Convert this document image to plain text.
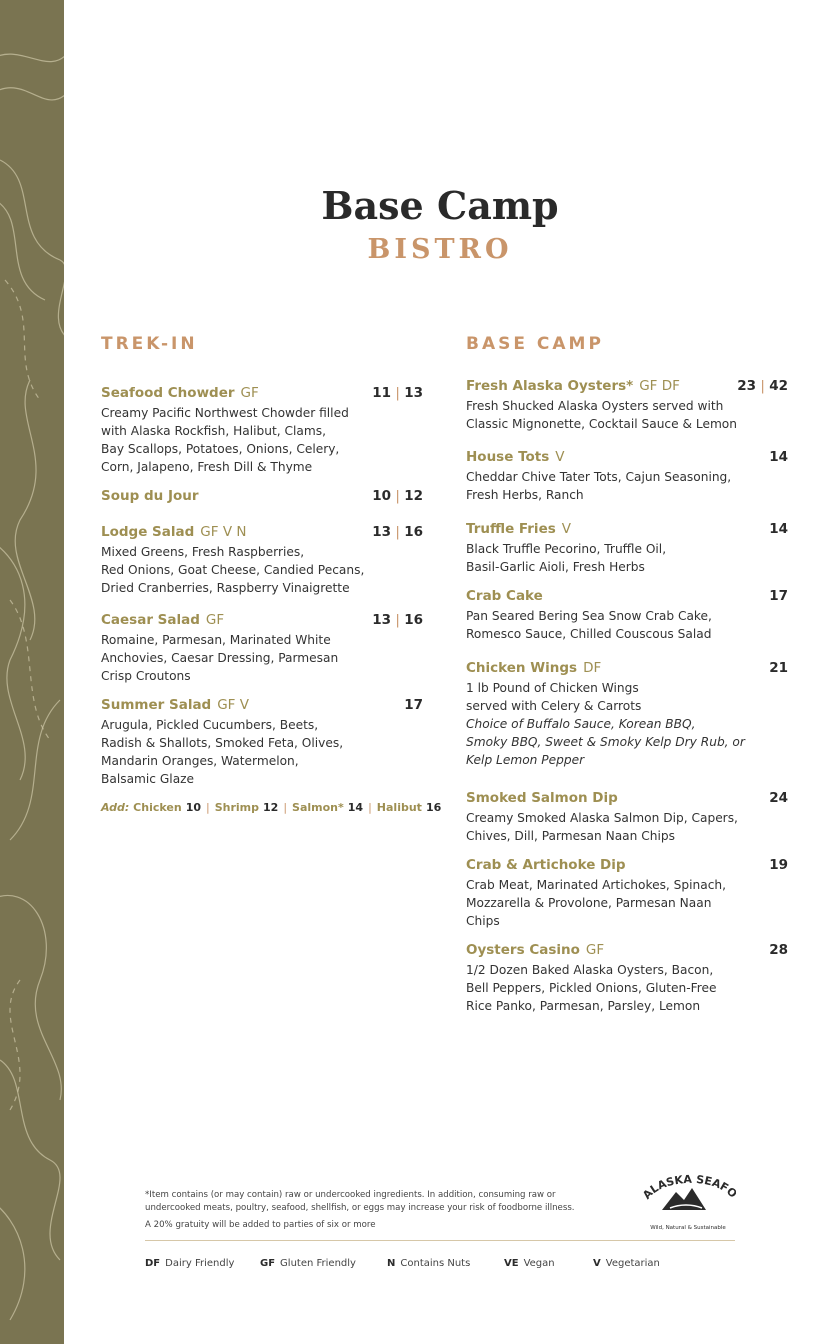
Base Camp
BISTRO
TREK-IN
Seafood Chowder GF	11 | 13
Creamy Pacific Northwest Chowder filled
with Alaska Rockfish, Halibut, Clams,
Bay Scallops, Potatoes, Onions, Celery,
Corn, Jalapeno, Fresh Dill & Thyme
Soup du Jour	10 | 12
Lodge Salad GF V N	13 | 16
Mixed Greens, Fresh Raspberries,
Red Onions, Goat Cheese, Candied Pecans,
Dried Cranberries, Raspberry Vinaigrette
Caesar Salad GF	13 | 16
Romaine, Parmesan, Marinated White
Anchovies, Caesar Dressing, Parmesan
Crisp Croutons
Summer Salad GF V	17
Arugula, Pickled Cucumbers, Beets,
Radish & Shallots, Smoked Feta, Olives,
Mandarin Oranges, Watermelon,
Balsamic Glaze
Add: Chicken 10 | Shrimp 12 | Salmon* 14 | Halibut 16
BASE CAMP
Fresh Alaska Oysters* GF DF	23 | 42
Fresh Shucked Alaska Oysters served with
Classic Mignonette, Cocktail Sauce & Lemon
House Tots V	14
Cheddar Chive Tater Tots, Cajun Seasoning,
Fresh Herbs, Ranch
Truffle Fries V	14
Black Truffle Pecorino, Truffle Oil,
Basil-Garlic Aioli, Fresh Herbs
Crab Cake	17
Pan Seared Bering Sea Snow Crab Cake,
Romesco Sauce, Chilled Couscous Salad
Chicken Wings DF	21
1 lb Pound of Chicken Wings
served with Celery & Carrots
Choice of Buffalo Sauce, Korean BBQ,
Smoky BBQ, Sweet & Smoky Kelp Dry Rub, or
Kelp Lemon Pepper
Smoked Salmon Dip	24
Creamy Smoked Alaska Salmon Dip, Capers,
Chives, Dill, Parmesan Naan Chips
Crab & Artichoke Dip	19
Crab Meat, Marinated Artichokes, Spinach,
Mozzarella & Provolone, Parmesan Naan
Chips
Oysters Casino GF	28
1/2 Dozen Baked Alaska Oysters, Bacon,
Bell Peppers, Pickled Onions, Gluten-Free
Rice Panko, Parmesan, Parsley, Lemon
*Item contains (or may contain) raw or undercooked ingredients. In addition, consuming raw or undercooked meats, poultry, seafood, shellfish, or eggs may increase your risk of foodborne illness.
A 20% gratuity will be added to parties of six or more
ALASKA SEAF
Wild, Natural & Sustainable
DF Dairy Friendly	GF Gluten Friendly	N Contains Nuts	VE Vegan	V Vegetarian
